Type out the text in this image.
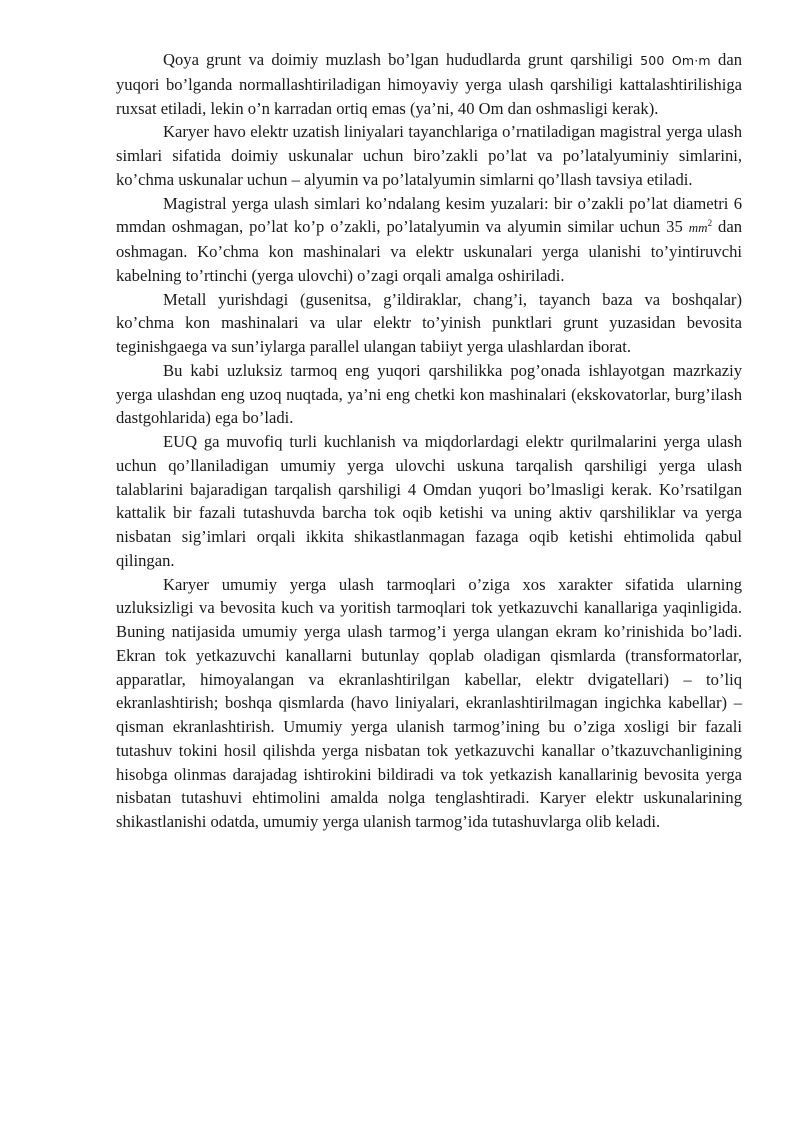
Qoya grunt va doimiy muzlash bo’lgan hududlarda grunt qarshiligi 500 Om·m dan yuqori bo’lganda normallashtiriladigan himoyaviy yerga ulash qarshiligi kattalashtirilishiga ruxsat etiladi, lekin o’n karradan ortiq emas (ya’ni, 40 Om dan oshmasligi kerak).

Karyer havo elektr uzatish liniyalari tayanchlariga o’rnatiladigan magistral yerga ulash simlari sifatida doimiy uskunalar uchun biro’zakli po’lat va po’latalyuminiy simlarini, ko’chma uskunalar uchun – alyumin va po’latalyumin simlarni qo’llash tavsiya etiladi.

Magistral yerga ulash simlari ko’ndalang kesim yuzalari: bir o’zakli po’lat diametri 6 mmdan oshmagan, po’lat ko’p o’zakli, po’latalyumin va alyumin similar uchun 35 $mm^2$ dan oshmagan. Ko’chma kon mashinalari va elektr uskunalari yerga ulanishi to’yintiruvchi kabelning to’rtinchi (yerga ulovchi) o’zagi orqali amalga oshiriladi.

Metall yurishdagi (gusenitsa, g’ildiraklar, chang’i, tayanch baza va boshqalar) ko’chma kon mashinalari va ular elektr to’yinish punktlari grunt yuzasidan bevosita teginishgaega va sun’iylarga parallel ulangan tabiiyt yerga ulashlardan iborat.

Bu kabi uzluksiz tarmoq eng yuqori qarshilikka pog’onada ishlayotgan mazrkaziy yerga ulashdan eng uzoq nuqtada, ya’ni eng chetki kon mashinalari (ekskovatorlar, burg’ilash dastgohlarida) ega bo’ladi.

EUQ ga muvofiq turli kuchlanish va miqdorlardagi elektr qurilmalarini yerga ulash uchun qo’llaniladigan umumiy yerga ulovchi uskuna tarqalish qarshiligi yerga ulash talablarini bajaradigan tarqalish qarshiligi 4 Omdan yuqori bo’lmasligi kerak. Ko’rsatilgan kattalik bir fazali tutashuvda barcha tok oqib ketishi va uning aktiv qarshiliklar va yerga nisbatan sig’imlari orqali ikkita shikastlanmagan fazaga oqib ketishi ehtimolida qabul qilingan.

Karyer umumiy yerga ulash tarmoqlari o’ziga xos xarakter sifatida ularning uzluksizligi va bevosita kuch va yoritish tarmoqlari tok yetkazuvchi kanallariga yaqinligida. Buning natijasida umumiy yerga ulash tarmog’i yerga ulangan ekram ko’rinishida bo’ladi. Ekran tok yetkazuvchi kanallarni butunlay qoplab oladigan qismlarda (transformatorlar, apparatlar, himoyalangan va ekranlashtirilgan kabellar, elektr dvigatellari) – to’liq ekranlashtirish; boshqa qismlarda (havo liniyalari, ekranlashtirilmagan ingichka kabellar) – qisman ekranlashtirish. Umumiy yerga ulanish tarmog’ining bu o’ziga xosligi bir fazali tutashuv tokini hosil qilishda yerga nisbatan tok yetkazuvchi kanallar o’tkazuvchanligining hisobga olinmas darajadag ishtirokini bildiradi va tok yetkazish kanallarinig bevosita yerga nisbatan tutashuvi ehtimolini amalda nolga tenglashtiradi. Karyer elektr uskunalarining shikastlanishi odatda, umumiy yerga ulanish tarmog’ida tutashuvlarga olib keladi.
